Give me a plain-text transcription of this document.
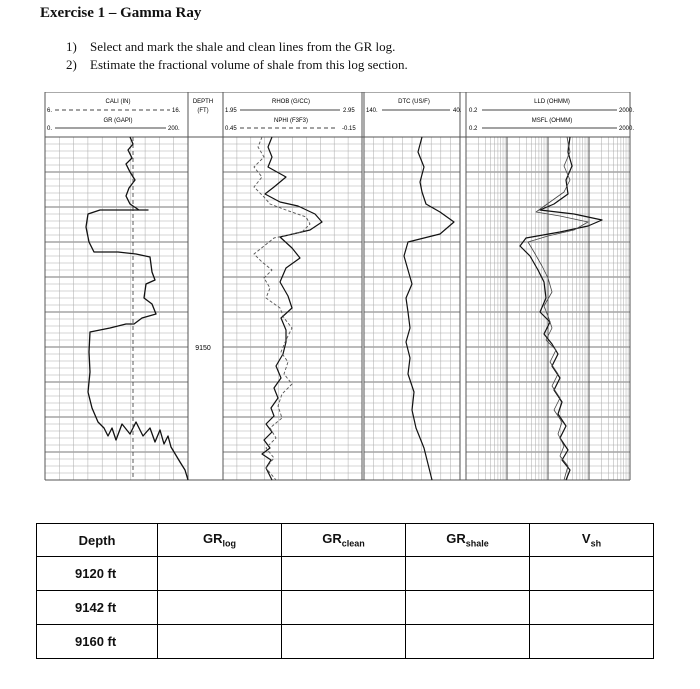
Exercise 1 – Gamma Ray
1) Select and mark the shale and clean lines from the GR log.
2) Estimate the fractional volume of shale from this log section.
CALI (IN)
6.	16.
GR (GAPI)
0.	200.
DEPTH
(FT)
RHOB (G/CC)
1.95	2.95
NPHI (F3F3)
0.45	-0.15
DTC (US/F)
140.	40.
LLD (OHMM)
0.2	2000.
MSFL (OHMM)
0.2	2000.
9150
Depth	$GR_{log}$	$GR_{clean}$	$GR_{shale}$	$V_{sh}$
9120 ft				
9142 ft				
9160 ft				
